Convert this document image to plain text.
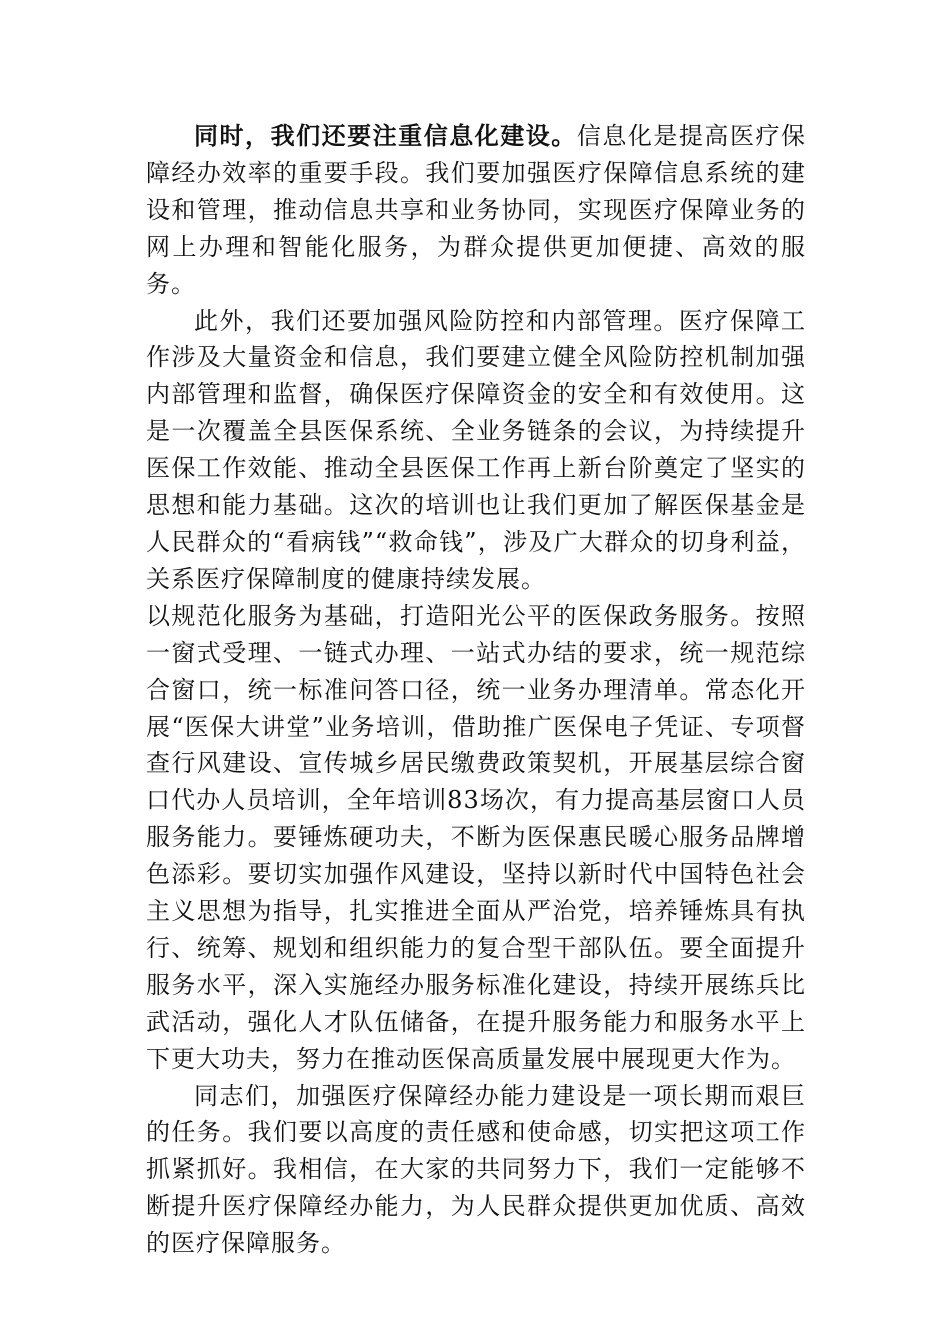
同时，我们还要注重信息化建设。信息化是提高医疗保障经办效率的重要手段。我们要加强医疗保障信息系统的建设和管理，推动信息共享和业务协同，实现医疗保障业务的网上办理和智能化服务，为群众提供更加便捷、高效的服务。

此外，我们还要加强风险防控和内部管理。医疗保障工作涉及大量资金和信息，我们要建立健全风险防控机制加强内部管理和监督，确保医疗保障资金的安全和有效使用。这是一次覆盖全县医保系统、全业务链条的会议，为持续提升医保工作效能、推动全县医保工作再上新台阶奠定了坚实的思想和能力基础。这次的培训也让我们更加了解医保基金是人民群众的“看病钱”“救命钱”，涉及广大群众的切身利益，关系医疗保障制度的健康持续发展。

以规范化服务为基础，打造阳光公平的医保政务服务。按照一窗式受理、一链式办理、一站式办结的要求，统一规范综合窗口，统一标准问答口径，统一业务办理清单。常态化开展“医保大讲堂”业务培训，借助推广医保电子凭证、专项督查行风建设、宣传城乡居民缴费政策契机，开展基层综合窗口代办人员培训，全年培训83场次，有力提高基层窗口人员服务能力。要锤炼硬功夫，不断为医保惠民暖心服务品牌增色添彩。要切实加强作风建设，坚持以新时代中国特色社会主义思想为指导，扎实推进全面从严治党，培养锤炼具有执行、统筹、规划和组织能力的复合型干部队伍。要全面提升服务水平，深入实施经办服务标准化建设，持续开展练兵比武活动，强化人才队伍储备，在提升服务能力和服务水平上下更大功夫，努力在推动医保高质量发展中展现更大作为。

同志们，加强医疗保障经办能力建设是一项长期而艰巨的任务。我们要以高度的责任感和使命感，切实把这项工作抓紧抓好。我相信，在大家的共同努力下，我们一定能够不断提升医疗保障经办能力，为人民群众提供更加优质、高效的医疗保障服务。
